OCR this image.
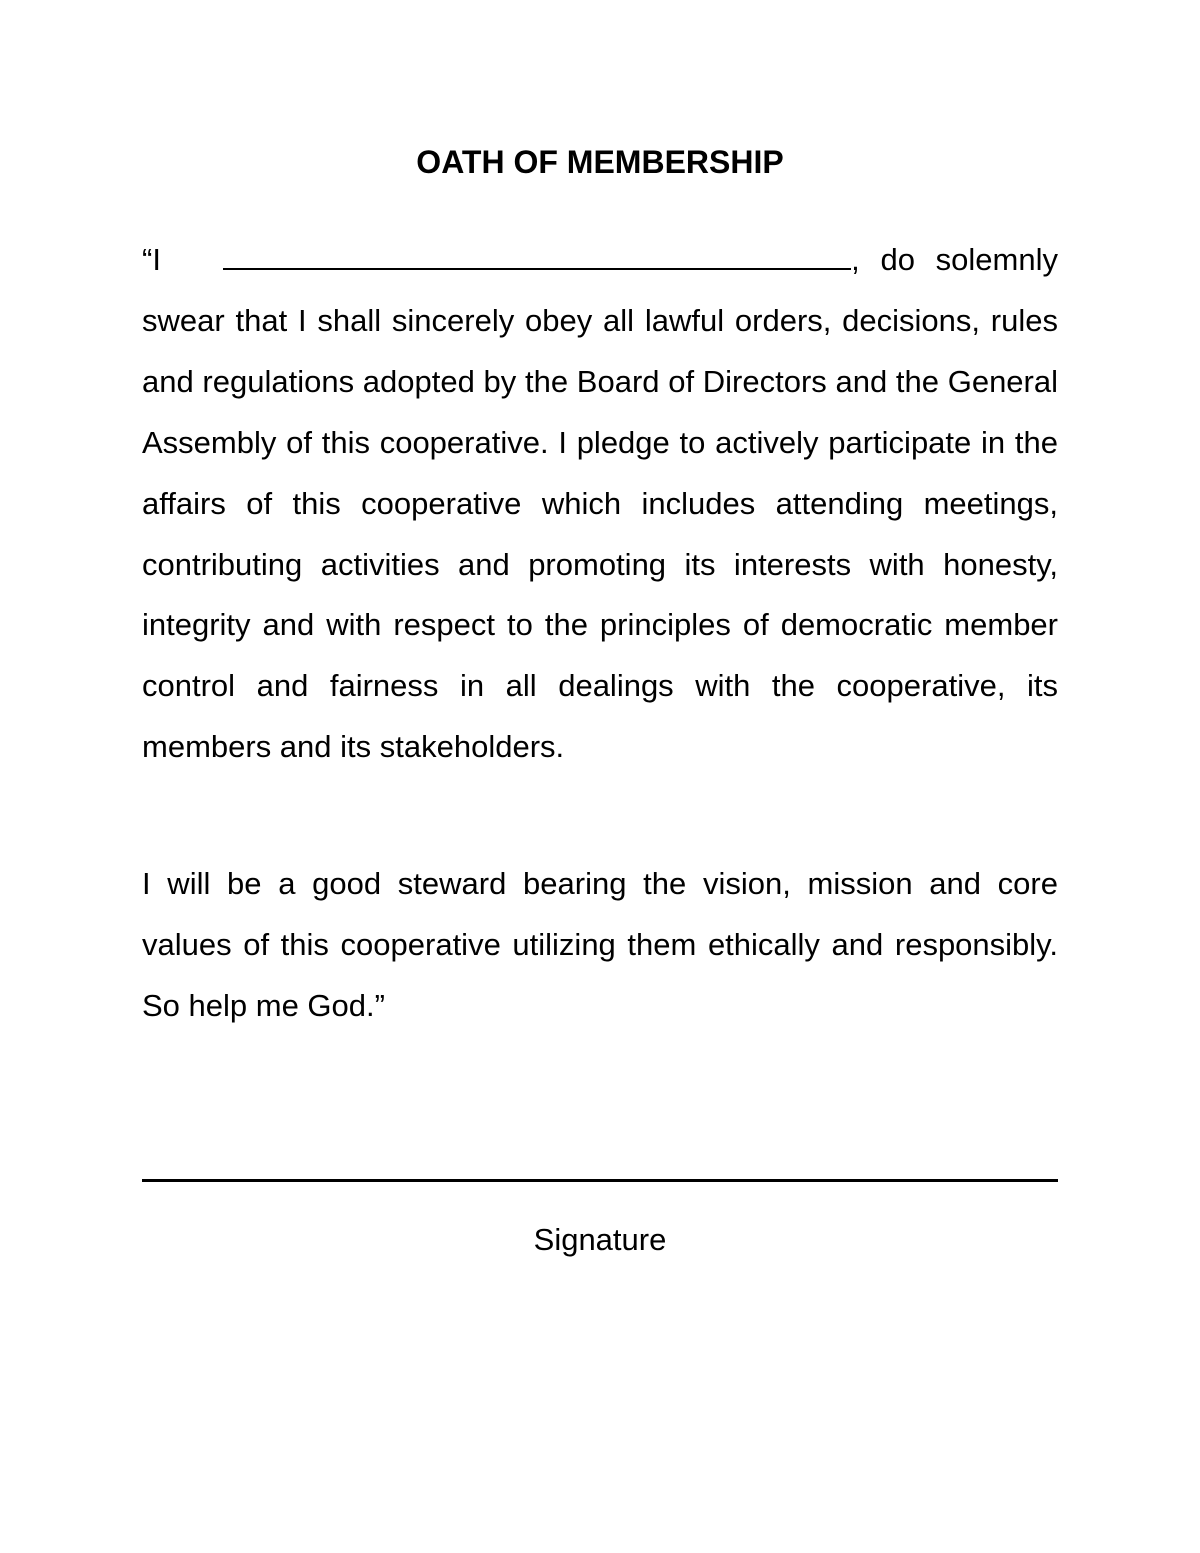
OATH OF MEMBERSHIP

“I	, do solemnly swear that I shall sincerely obey all lawful orders, decisions, rules and regulations adopted by the Board of Directors and the General Assembly of this cooperative. I pledge to actively participate in the affairs of this cooperative which includes attending meetings, contributing activities and promoting its interests with honesty, integrity and with respect to the principles of democratic member control and fairness in all dealings with the cooperative, its members and its stakeholders.

I will be a good steward bearing the vision, mission and core values of this cooperative utilizing them ethically and responsibly. So help me God.”

Signature
